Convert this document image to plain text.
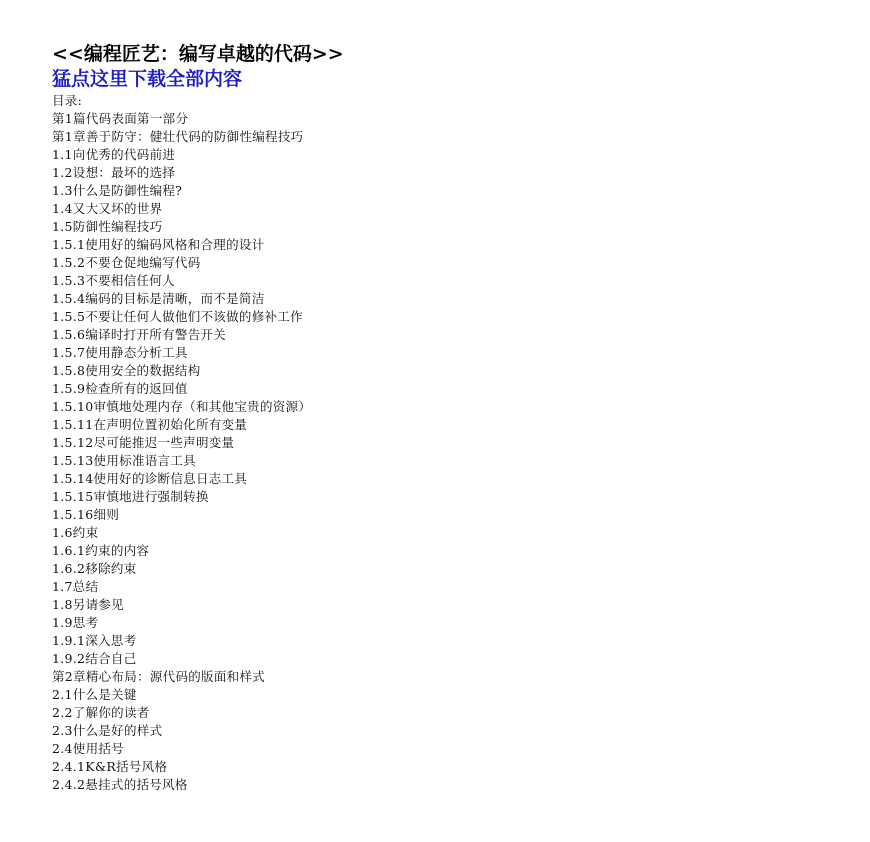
<<编程匠艺：编写卓越的代码>>
猛点这里下载全部内容
目录:
第1篇代码表面第一部分
第1章善于防守：健壮代码的防御性编程技巧
1.1向优秀的代码前进
1.2设想：最坏的选择
1.3什么是防御性编程?
1.4又大又坏的世界
1.5防御性编程技巧
1.5.1使用好的编码风格和合理的设计
1.5.2不要仓促地编写代码
1.5.3不要相信任何人
1.5.4编码的目标是清晰，而不是简洁
1.5.5不要让任何人做他们不该做的修补工作
1.5.6编译时打开所有警告开关
1.5.7使用静态分析工具
1.5.8使用安全的数据结构
1.5.9检查所有的返回值
1.5.10审慎地处理内存（和其他宝贵的资源）
1.5.11在声明位置初始化所有变量
1.5.12尽可能推迟一些声明变量
1.5.13使用标准语言工具
1.5.14使用好的诊断信息日志工具
1.5.15审慎地进行强制转换
1.5.16细则
1.6约束
1.6.1约束的内容
1.6.2移除约束
1.7总结
1.8另请参见
1.9思考
1.9.1深入思考
1.9.2结合自己
第2章精心布局：源代码的版面和样式
2.1什么是关键
2.2了解你的读者
2.3什么是好的样式
2.4使用括号
2.4.1K&R括号风格
2.4.2悬挂式的括号风格
